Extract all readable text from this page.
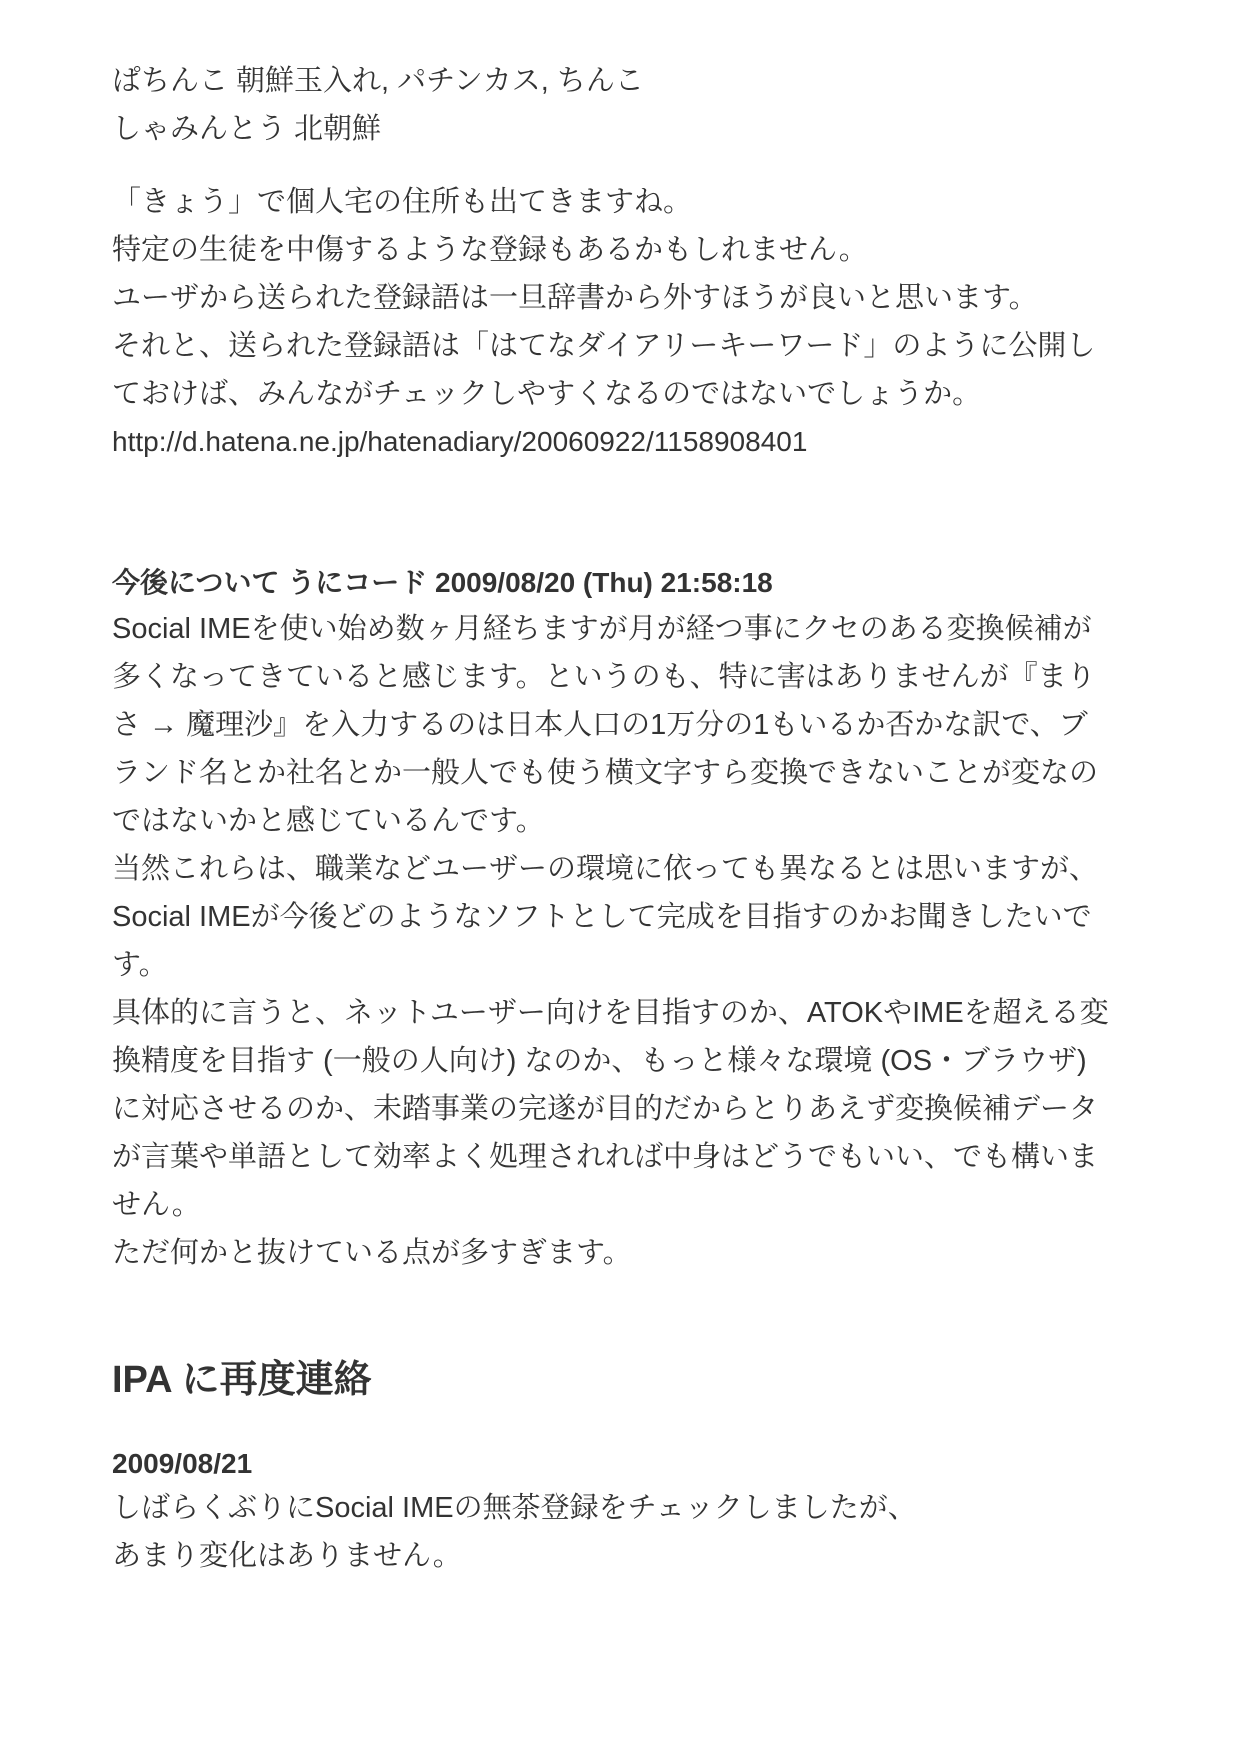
ぱちんこ 朝鮮玉入れ, パチンカス, ちんこ

しゃみんとう 北朝鮮

「きょう」で個人宅の住所も出てきますね。

特定の生徒を中傷するような登録もあるかもしれません。

ユーザから送られた登録語は一旦辞書から外すほうが良いと思います。

それと、送られた登録語は「はてなダイアリーキーワード」のように公開し

ておけば、みんながチェックしやすくなるのではないでしょうか。

http://d.hatena.ne.jp/hatenadiary/20060922/1158908401

今後について うにコード 2009/08/20 (Thu) 21:58:18

Social IMEを使い始め数ヶ月経ちますが月が経つ事にクセのある変換候補が

多くなってきていると感じます。というのも、特に害はありませんが『まり

さ → 魔理沙』を入力するのは日本人口の1万分の1もいるか否かな訳で、ブ

ランド名とか社名とか一般人でも使う横文字すら変換できないことが変なの

ではないかと感じているんです。

当然これらは、職業などユーザーの環境に依っても異なるとは思いますが、

Social IMEが今後どのようなソフトとして完成を目指すのかお聞きしたいで

す。

具体的に言うと、ネットユーザー向けを目指すのか、ATOKやIMEを超える変

換精度を目指す (一般の人向け) なのか、もっと様々な環境 (OS・ブラウザ)

に対応させるのか、未踏事業の完遂が目的だからとりあえず変換候補データ

が言葉や単語として効率よく処理されれば中身はどうでもいい、でも構いま

せん。

ただ何かと抜けている点が多すぎます。

IPA に再度連絡

2009/08/21

しばらくぶりにSocial IMEの無茶登録をチェックしましたが、

あまり変化はありません。
